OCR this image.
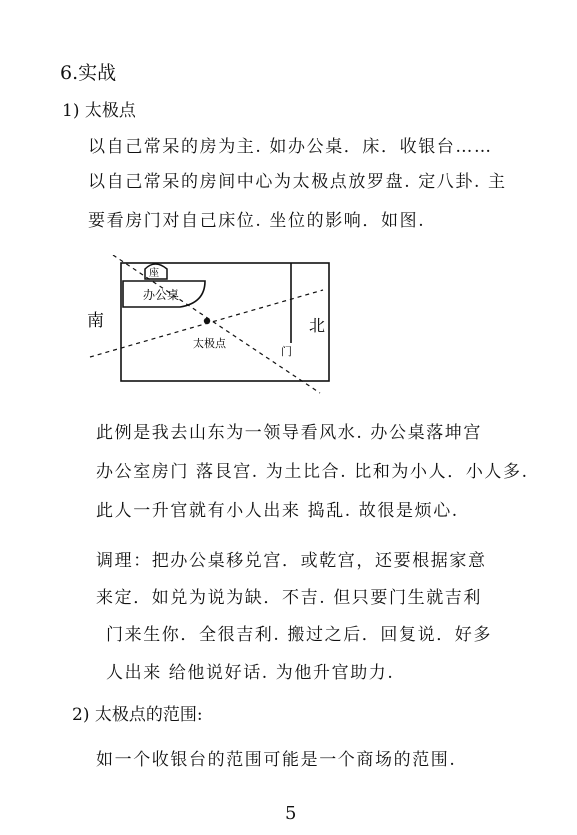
6.实战
1) 太极点
以自己常呆的房为主. 如办公桌．床．收银台……
以自己常呆的房间中心为太极点放罗盘. 定八卦. 主
要看房门对自己床位. 坐位的影响．如图.
座
办公桌
南	北
太极点
门
此例是我去山东为一领导看风水. 办公桌落坤宫
办公室房门 落艮宫. 为土比合. 比和为小人．小人多.
此人一升官就有小人出来 捣乱. 故很是烦心.
调理：把办公桌移兑宫．或乾宫，还要根据家意
来定．如兑为说为缺．不吉. 但只要门生就吉利
门来生你．全很吉利. 搬过之后．回复说．好多
人出来 给他说好话. 为他升官助力.
2) 太极点的范围:
如一个收银台的范围可能是一个商场的范围.
5
